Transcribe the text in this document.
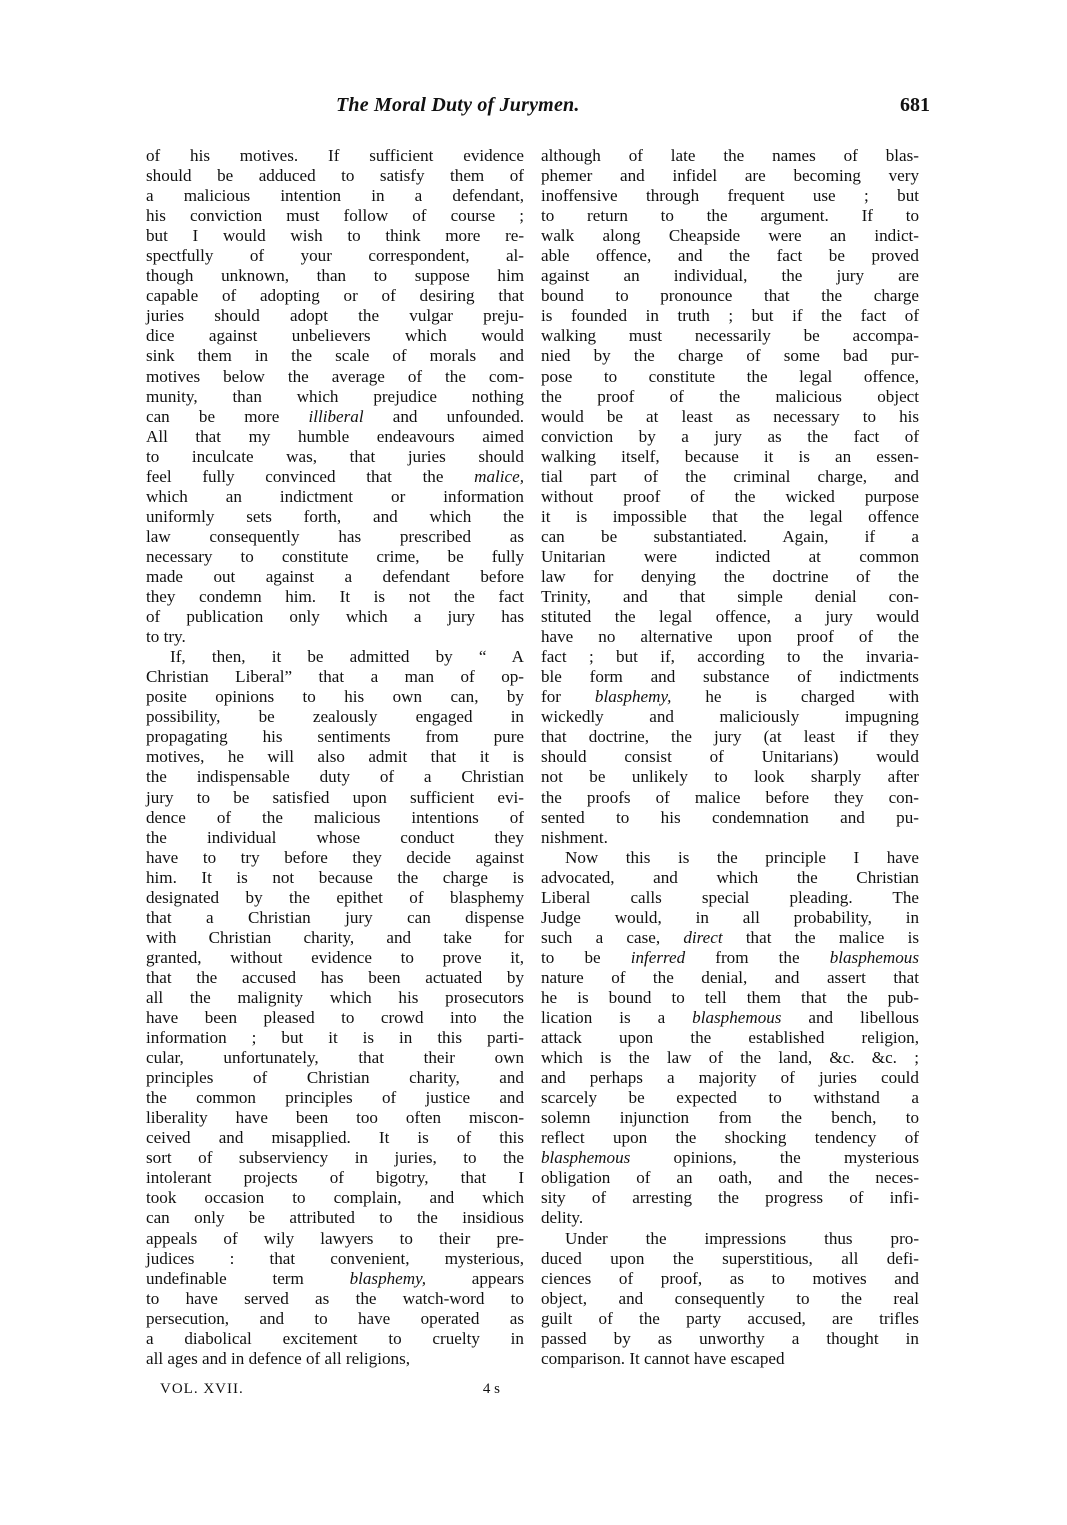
The Moral Duty of Jurymen.	681
of his motives. If sufficient evidence
should be adduced to satisfy them of
a malicious intention in a defendant,
his conviction must follow of course ;
but I would wish to think more re-
spectfully of your correspondent, al-
though unknown, than to suppose him
capable of adopting or of desiring that
juries should adopt the vulgar preju-
dice against unbelievers which would
sink them in the scale of morals and
motives below the average of the com-
munity, than which prejudice nothing
can be more illiberal and unfounded.
All that my humble endeavours aimed
to inculcate was, that juries should
feel fully convinced that the malice,
which an indictment or information
uniformly sets forth, and which the
law consequently has prescribed as
necessary to constitute crime, be fully
made out against a defendant before
they condemn him. It is not the fact
of publication only which a jury has
to try.
If, then, it be admitted by “ A
Christian Liberal” that a man of op-
posite opinions to his own can, by
possibility, be zealously engaged in
propagating his sentiments from pure
motives, he will also admit that it is
the indispensable duty of a Christian
jury to be satisfied upon sufficient evi-
dence of the malicious intentions of
the individual whose conduct they
have to try before they decide against
him. It is not because the charge is
designated by the epithet of blasphemy
that a Christian jury can dispense
with Christian charity, and take for
granted, without evidence to prove it,
that the accused has been actuated by
all the malignity which his prosecutors
have been pleased to crowd into the
information ; but it is in this parti-
cular, unfortunately, that their own
principles of Christian charity, and
the common principles of justice and
liberality have been too often miscon-
ceived and misapplied. It is of this
sort of subserviency in juries, to the
intolerant projects of bigotry, that I
took occasion to complain, and which
can only be attributed to the insidious
appeals of wily lawyers to their pre-
judices : that convenient, mysterious,
undefinable	term	blasphemy,	appears
to have served as the watch-word to
persecution, and to have operated as
a diabolical excitement to cruelty in
all ages and in defence of all religions,
although of late the names of blas-
phemer and infidel are becoming very
inoffensive through frequent use ; but
to return to the argument. If to
walk along Cheapside were an indict-
able offence, and the fact be proved
against an individual, the jury are
bound to pronounce that the charge
is founded in truth ; but if the fact of
walking must necessarily be accompa-
nied by the charge of some bad pur-
pose to constitute the legal offence,
the proof of the malicious object
would be at least as necessary to his
conviction by a jury as the fact of
walking itself, because it is an essen-
tial part of the criminal charge, and
without proof of the wicked purpose
it is impossible that the legal offence
can be substantiated. Again, if a
Unitarian were indicted at common
law for denying the doctrine of the
Trinity, and that simple denial con-
stituted the legal offence, a jury would
have no alternative upon proof of the
fact ; but if, according to the invaria-
ble form and substance of indictments
for blasphemy, he is charged with
wickedly	and	maliciously	impugning
that doctrine, the jury (at least if they
should consist of Unitarians) would
not be unlikely to look sharply after
the proofs of malice before they con-
sented to his condemnation and pu-
nishment.
Now this is the principle I have
advocated, and which the Christian
Liberal calls special pleading. The
Judge would, in all probability, in
such a case, direct that the malice is
to be inferred from the blasphemous
nature of the denial, and assert that
he is bound to tell them that the pub-
lication is a blasphemous and libellous
attack upon the established religion,
which is the law of the land, &c. &c. ;
and perhaps a majority of juries could
scarcely be expected to withstand a
solemn injunction from the bench, to
reflect upon the shocking tendency of
blasphemous	opinions,	the	mysterious
obligation of an oath, and the neces-
sity of arresting the progress of infi-
delity.
Under the impressions thus pro-
duced upon the superstitious, all defi-
ciences of proof, as to motives and
object, and consequently to the real
guilt of the party accused, are trifles
passed by as unworthy a thought in
comparison. It cannot have escaped
VOL. XVII.	4 s
